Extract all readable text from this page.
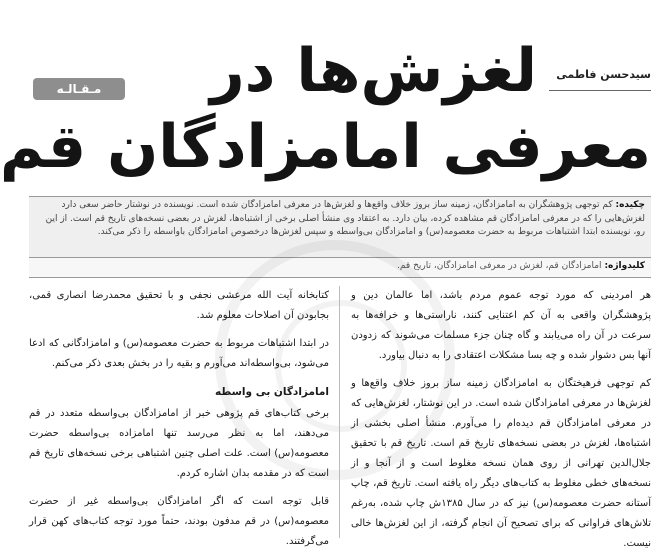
لغزش‌ها در
معرفی امامزادگان قم
سیدحسن فاطمی
مـقـالـه
چکیده: کم توجهی پژوهشگران به امامزادگان، زمینه ساز بروز خلاف واقع‌ها و لغزش‌ها در معرفی امامزادگان شده است. نویسنده در نوشتار حاضر سعی دارد لغزش‌هایی را که در معرفی امامزادگان قم مشاهده کرده، بیان دارد. به اعتقاد وی منشأ اصلی برخی از اشتباه‌ها، لغزش در بعضی نسخه‌های تاریخ قم است. از این رو، نویسنده ابتدا اشتباهات مربوط به حضرت معصومه(س) و امامزادگان بی‌واسطه و سپس لغزش‌ها درخصوص امامزادگان باواسطه را ذکر می‌کند.
کلیدواژه: امامزادگان قم، لغزش در معرفی امامزادگان، تاریخ قم.

هر امردینی که مورد توجه عموم مردم باشد، اما عالمان دین و پژوهشگران واقعی به آن کم اعتنایی کنند، ناراستی‌ها و خرافه‌ها به سرعت در آن راه می‌یابند و گاه چنان جزء مسلمات می‌شوند که زدودن آنها بس دشوار شده و چه بسا مشکلات اعتقادی را به دنبال بیاورد.

کم توجهی فرهیختگان به امامزادگان زمینه ساز بروز خلاف واقع‌ها و لغزش‌ها در معرفی امامزادگان شده است. در این نوشتار، لغزش‌هایی که در معرفی امامزادگان قم دیده‌ام را می‌آورم. منشأ اصلی بخشی از اشتباه‌ها، لغزش در بعضی نسخه‌های تاریخ قم است. تاریخ قم با تحقیق جلال‌الدین تهرانی از روی همان نسخه مغلوط است و از آنجا و از نسخه‌های خطی مغلوط به کتاب‌های دیگر راه یافته است. تاریخ قم، چاپ آستانه حضرت معصومه(س) نیز که در سال ۱۳۸۵ش چاپ شده، به‌رغم تلاش‌های فراوانی که برای تصحیح آن انجام گرفته، از این لغزش‌ها خالی نیست.

کتابخانه آیت الله مرعشی نجفی و با تحقیق محمدرضا انصاری قمی، بجابودن آن اصلاحات معلوم شد.

در ابتدا اشتباهات مربوط به حضرت معصومه(س) و امامزادگانی که ادعا می‌شود، بی‌واسطه‌اند می‌آورم و بقیه را در بخش بعدی ذکر می‌کنم.

امامزادگان بی واسطه

برخی کتاب‌های قم پژوهی خبر از امامزادگان بی‌واسطه متعدد در قم می‌دهند، اما به نظر می‌رسد تنها امامزاده بی‌واسطه حضرت معصومه(س) است. علت اصلی چنین اشتباهی برخی نسخه‌های تاریخ قم است که در مقدمه بدان اشاره کردم.

قابل توجه است که اگر امامزادگان بی‌واسطه غیر از حضرت معصومه(س) در قم مدفون بودند، حتماً مورد توجه کتاب‌های کهن قرار می‌گرفتند.
